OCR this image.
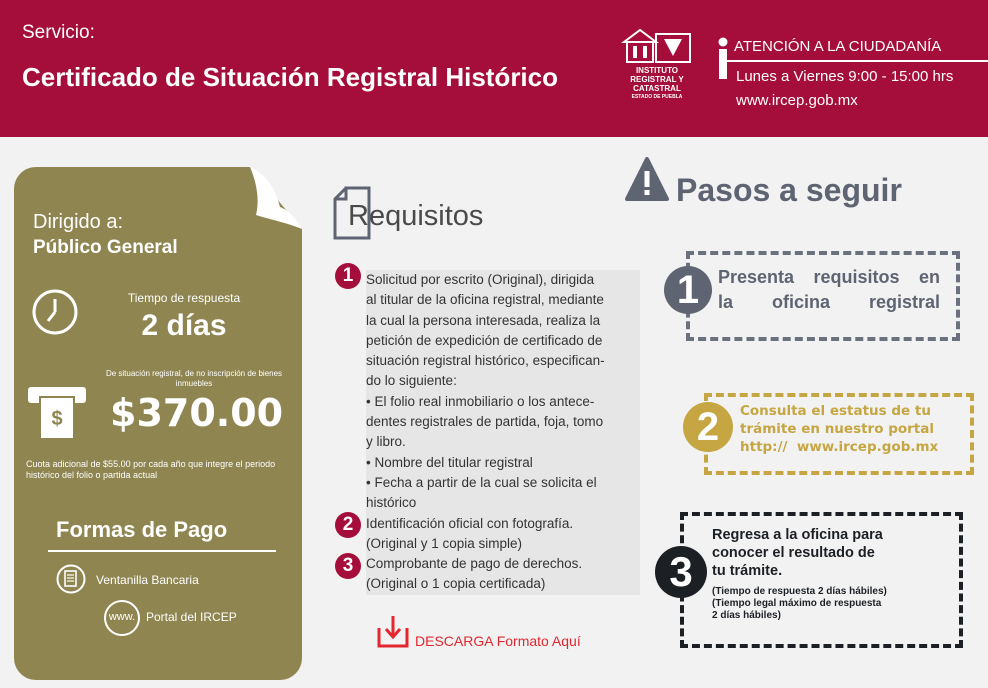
Servicio:
Certificado de Situación Registral Histórico	INSTITUTO
REGISTRAL Y
CATASTRAL
ESTADO DE PUEBLA
ATENCIÓN A LA CIUDADANÍA
Lunes a Viernes 9:00 - 15:00 hrs
www.ircep.gob.mx
Dirigido a:
Público General
Tiempo de respuesta
2 días
De situación registral, de no inscripción de bienes inmuebles
$ $370.00
Cuota adicional de $55.00 por cada año que integre el periodo histórico del folio o partida actual
Formas de Pago
Ventanilla Bancaria
www. Portal del IRCEP
Requisitos
1
2
3
Solicitud por escrito (Original), dirigida
al titular de la oficina registral, mediante
la cual la persona interesada, realiza la
petición de expedición de certificado de
situación registral histórico, especifican-
do lo siguiente:
• El folio real inmobiliario o los antece-
dentes registrales de partida, foja, tomo
y libro.
• Nombre del titular registral
• Fecha a partir de la cual se solicita el
histórico
Identificación oficial con fotografía.
(Original y 1 copia simple)
Comprobante de pago de derechos.
(Original o 1 copia certificada)
DESCARGA Formato Aquí
Pasos a seguir
1
2
3
Presenta requisitos en
la oficina registral
Consulta el estatus de tu
trámite en nuestro portal
http://  www.ircep.gob.mx
Regresa a la oficina para
conocer el resultado de
tu trámite.
(Tiempo de respuesta 2 días hábiles)
(Tiempo legal máximo de respuesta
2 días hábiles)
